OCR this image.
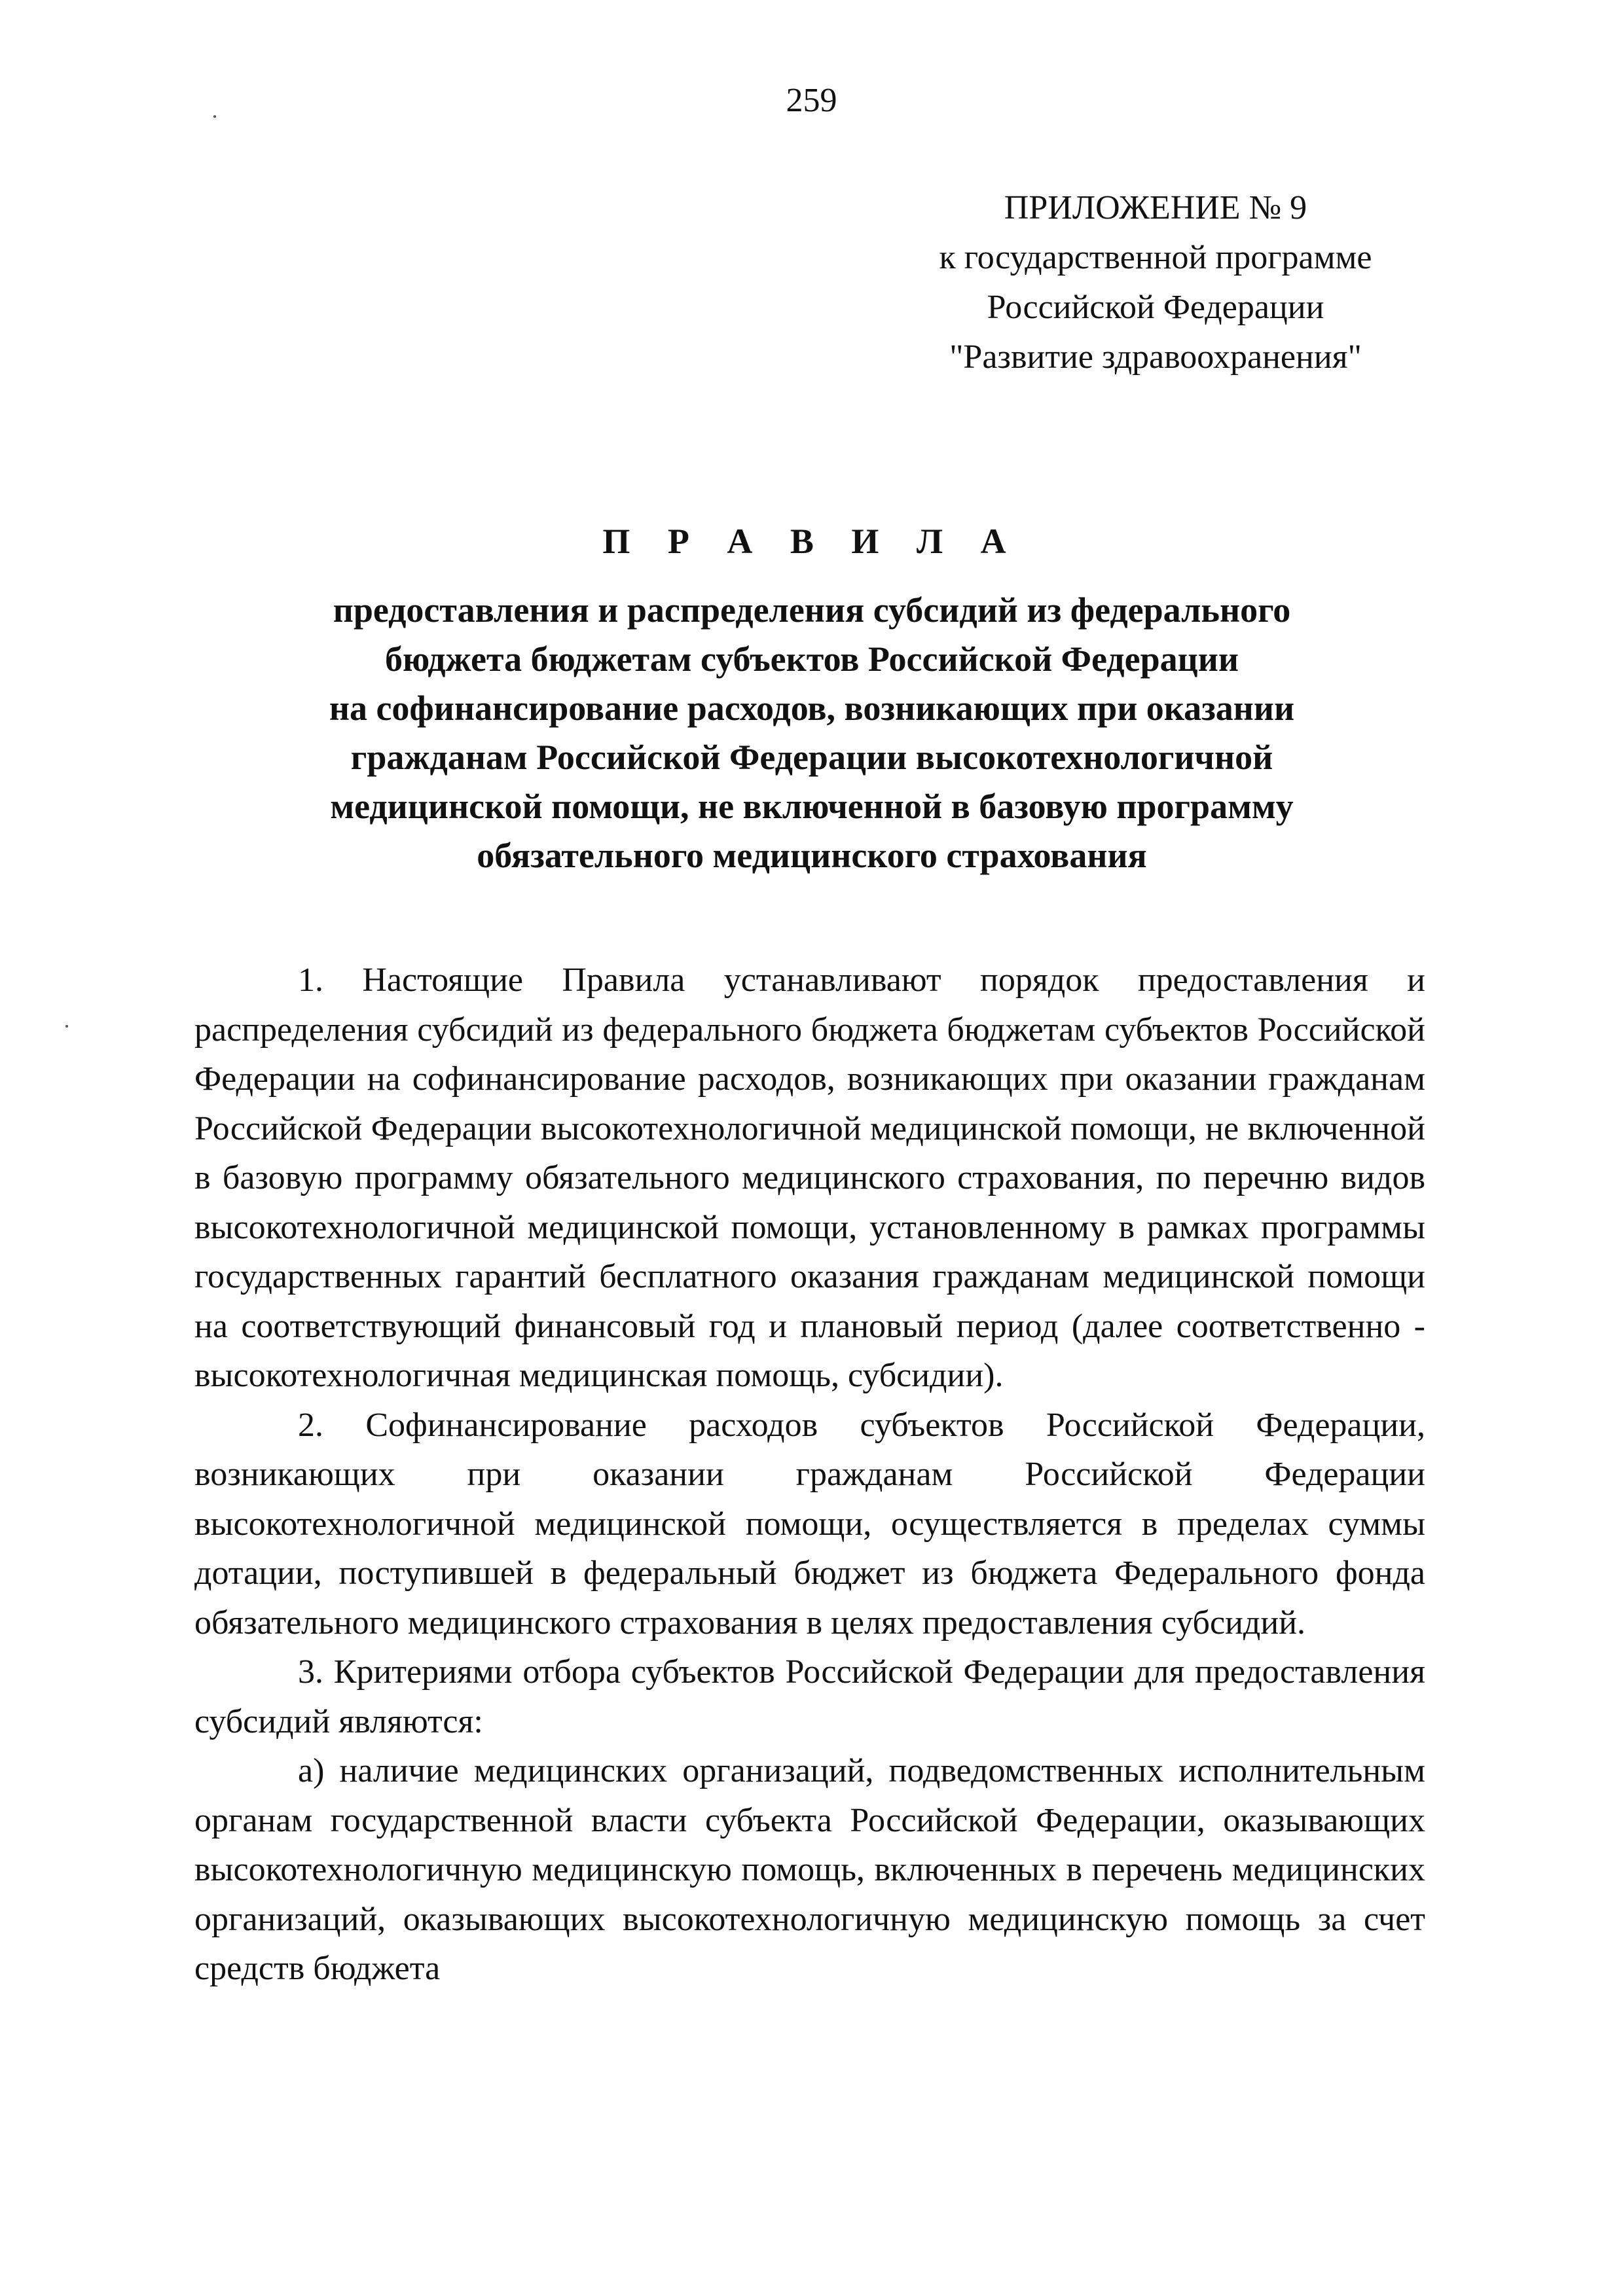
259
ПРИЛОЖЕНИЕ № 9
к государственной программе
Российской Федерации
"Развитие здравоохранения"
П Р А В И Л А
предоставления и распределения субсидий из федерального
бюджета бюджетам субъектов Российской Федерации
на софинансирование расходов, возникающих при оказании
гражданам Российской Федерации высокотехнологичной
медицинской помощи, не включенной в базовую программу
обязательного медицинского страхования

1. Настоящие Правила устанавливают порядок предоставления и распределения субсидий из федерального бюджета бюджетам субъектов Российской Федерации на софинансирование расходов, возникающих при оказании гражданам Российской Федерации высокотехнологичной медицинской помощи, не включенной в базовую программу обязательного медицинского страхования, по перечню видов высокотехнологичной медицинской помощи, установленному в рамках программы государственных гарантий бесплатного оказания гражданам медицинской помощи на соответствующий финансовый год и плановый период (далее соответственно - высокотехнологичная медицинская помощь, субсидии).

2. Софинансирование расходов субъектов Российской Федерации, возникающих при оказании гражданам Российской Федерации высокотехнологичной медицинской помощи, осуществляется в пределах суммы дотации, поступившей в федеральный бюджет из бюджета Федерального фонда обязательного медицинского страхования в целях предоставления субсидий.

3. Критериями отбора субъектов Российской Федерации для предоставления субсидий являются:

а) наличие медицинских организаций, подведомственных исполнительным органам государственной власти субъекта Российской Федерации, оказывающих высокотехнологичную медицинскую помощь, включенных в перечень медицинских организаций, оказывающих высокотехнологичную медицинскую помощь за счет средств бюджета
